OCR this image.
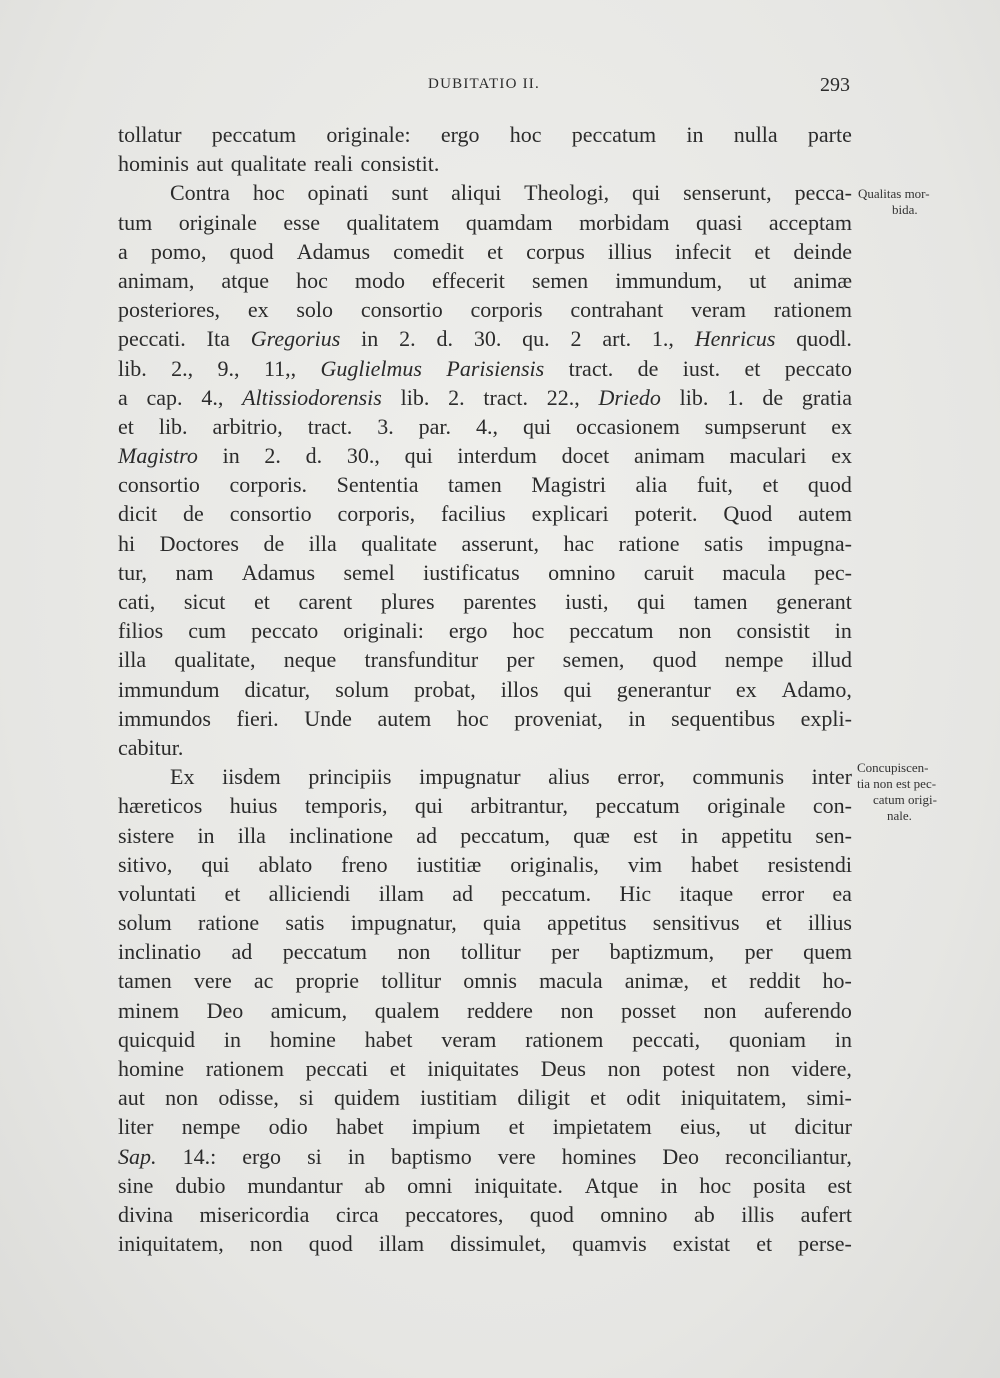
DUBITATIO II.	293
Qualitas mor-
bida.
Concupiscen-
tia non est pec-
catum origi-
nale.
tollatur peccatum originale: ergo hoc peccatum in nulla parte
hominis aut qualitate reali consistit.
Contra hoc opinati sunt aliqui Theologi, qui senserunt, pecca-
tum originale esse qualitatem quamdam morbidam quasi acceptam
a pomo, quod Adamus comedit et corpus illius infecit et deinde
animam, atque hoc modo effecerit semen immundum, ut animæ
posteriores, ex solo consortio corporis contrahant veram rationem
peccati. Ita Gregorius in 2. d. 30. qu. 2 art. 1., Henricus quodl.
lib. 2., 9., 11,, Guglielmus Parisiensis tract. de iust. et peccato
a cap. 4., Altissiodorensis lib. 2. tract. 22., Driedo lib. 1. de gratia
et lib. arbitrio, tract. 3. par. 4., qui occasionem sumpserunt ex
Magistro in 2. d. 30., qui interdum docet animam maculari ex
consortio corporis. Sententia tamen Magistri alia fuit, et quod
dicit de consortio corporis, facilius explicari poterit. Quod autem
hi Doctores de illa qualitate asserunt, hac ratione satis impugna-
tur, nam Adamus semel iustificatus omnino caruit macula pec-
cati, sicut et carent plures parentes iusti, qui tamen generant
filios cum peccato originali: ergo hoc peccatum non consistit in
illa qualitate, neque transfunditur per semen, quod nempe illud
immundum dicatur, solum probat, illos qui generantur ex Adamo,
immundos fieri. Unde autem hoc proveniat, in sequentibus expli-
cabitur.
Ex iisdem principiis impugnatur alius error, communis inter
hæreticos huius temporis, qui arbitrantur, peccatum originale con-
sistere in illa inclinatione ad peccatum, quæ est in appetitu sen-
sitivo, qui ablato freno iustitiæ originalis, vim habet resistendi
voluntati et alliciendi illam ad peccatum. Hic itaque error ea
solum ratione satis impugnatur, quia appetitus sensitivus et illius
inclinatio ad peccatum non tollitur per baptizmum, per quem
tamen vere ac proprie tollitur omnis macula animæ, et reddit ho-
minem Deo amicum, qualem reddere non posset non auferendo
quicquid in homine habet veram rationem peccati, quoniam in
homine rationem peccati et iniquitates Deus non potest non videre,
aut non odisse, si quidem iustitiam diligit et odit iniquitatem, simi-
liter nempe odio habet impium et impietatem eius, ut dicitur
Sap. 14.: ergo si in baptismo vere homines Deo reconciliantur,
sine dubio mundantur ab omni iniquitate. Atque in hoc posita est
divina misericordia circa peccatores, quod omnino ab illis aufert
iniquitatem, non quod illam dissimulet, quamvis existat et perse-
